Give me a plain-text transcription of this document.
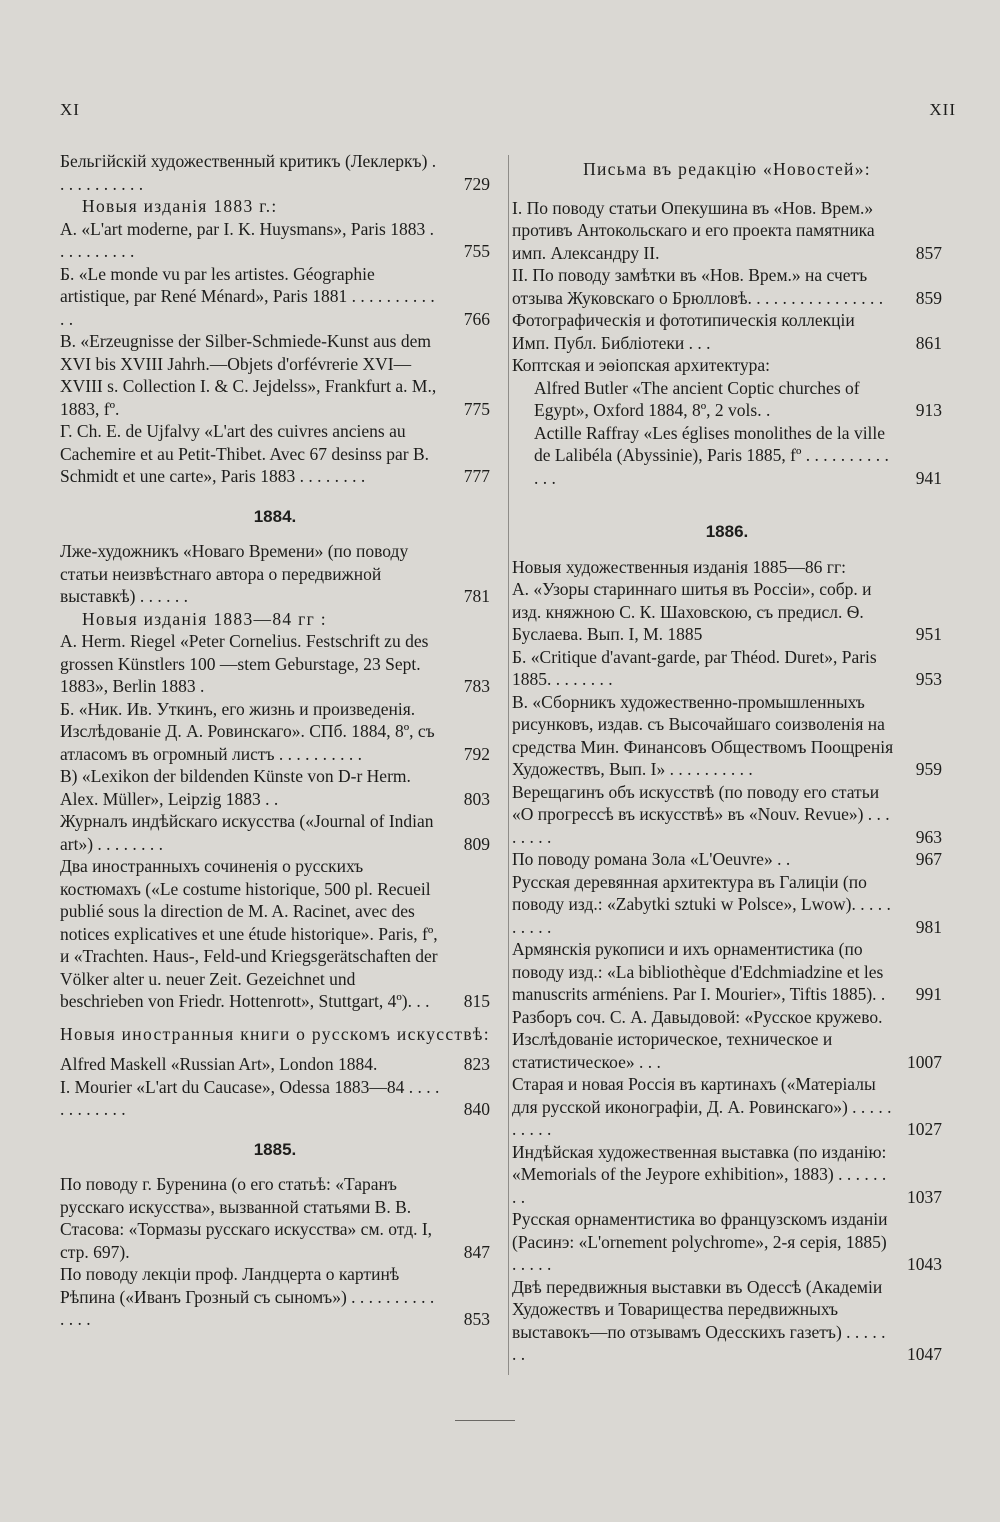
XI	XII
Бельгійскій художественный критикъ (Леклеркъ) . . . . . . . . . . .	729
Новыя изданія 1883 г.:
А. «L'art moderne, par I. K. Huysmans», Paris 1883 . . . . . . . . . .	755
Б. «Le monde vu par les artistes. Géographie artistique, par René Ménard», Paris 1881 . . . . . . . . . . . .	766
В. «Erzeugnisse der Silber-Schmiede-Kunst aus dem XVI bis XVIII Jahrh.—Objets d'orfévrerie XVI—XVIII s. Collection I. & C. Jejdelss», Frankfurt a. M., 1883, fº.	775
Г. Ch. E. de Ujfalvy «L'art des cuivres anciens au Cachemire et au Petit-Thibet. Avec 67 desinss par B. Schmidt et une carte», Paris 1883 . . . . . . . .	777
1884.
Лже-художникъ «Новаго Времени» (по поводу статьи неизвѣстнаго автора о передвижной выставкѣ) . . . . . .	781
Новыя изданія 1883—84 гг :
А. Herm. Riegel «Peter Cornelius. Festschrift zu des grossen Künstlers 100 —stem Geburstage, 23 Sept. 1883», Berlin 1883 .	783
Б. «Ник. Ив. Уткинъ, его жизнь и произведенія. Изслѣдованіе Д. А. Ровинскаго». СПб. 1884, 8º, съ атласомъ въ огромный листъ . . . . . . . . . .	792
В) «Lexikon der bildenden Künste von D-r Herm. Alex. Müller», Leipzig 1883 . .	803
Журналъ индѣйскаго искусства («Journal of Indian art») . . . . . . . .	809
Два иностранныхъ сочиненія о русскихъ костюмахъ («Le costume historique, 500 pl. Recueil publié sous la direction de M. A. Racinet, avec des notices explicatives et une étude historique». Paris, fº, и «Trachten. Haus-, Feld-und Kriegsgerätschaften der Völker alter u. neuer Zeit. Gezeichnet und beschrieben von Friedr. Hottenrott», Stuttgart, 4º). . .	815
Новыя иностранныя книги о русскомъ искусствѣ:
Alfred Maskell «Russian Art», London 1884.	823
I. Mourier «L'art du Caucase», Odessa 1883—84 . . . . . . . . . . . .	840
1885.
По поводу г. Буренина (о его статьѣ: «Таранъ русскаго искусства», вызванной статьями В. В. Стасова: «Тормазы русскаго искусства» см. отд. I, стр. 697).	847
По поводу лекціи проф. Ландцерта о картинѣ Рѣпина («Иванъ Грозный съ сыномъ») . . . . . . . . . . . . . .	853
Письма въ редакцію «Новостей»:
I. По поводу статьи Опекушина въ «Нов. Врем.» противъ Антокольскаго и его проекта памятника имп. Александру II.	857
II. По поводу замѣтки въ «Нов. Врем.» на счетъ отзыва Жуковскаго о Брюлловѣ. . . . . . . . . . . . . . . .	859
Фотографическія и фототипическія коллекціи Имп. Публ. Библіотеки . . .	861
Коптская и эѳіопская архитектура:
Alfred Butler «The ancient Coptic churches of Egypt», Oxford 1884, 8º, 2 vols. .	913
Actille Raffray «Les églises monolithes de la ville de Lalibéla (Abyssinie), Paris 1885, fº . . . . . . . . . . . . .	941
1886.
Новыя художественныя изданія 1885—86 гг:
А. «Узоры стариннаго шитья въ Россіи», собр. и изд. княжною С. К. Шаховскою, съ предисл. Ѳ. Буслаева. Вып. I, М. 1885	951
Б. «Critique d'avant-garde, par Théod. Duret», Paris 1885. . . . . . . .	953
В. «Сборникъ художественно-промышленныхъ рисунковъ, издав. съ Высочайшаго соизволенія на средства Мин. Финансовъ Обществомъ Поощренія Художествъ, Вып. I» . . . . . . . . . .	959
Верещагинъ объ искусствѣ (по поводу его статьи «О прогрессѣ въ искусствѣ» въ «Nouv. Revue») . . . . . . . .	963
По поводу романа Зола «L'Oeuvre» . .	967
Русская деревянная архитектура въ Галиціи (по поводу изд.: «Zabytki sztuki w Polsce», Lwow). . . . . . . . . .	981
Армянскія рукописи и ихъ орнаментистика (по поводу изд.: «La bibliothèque d'Edchmiadzine et les manuscrits arméniens. Par I. Mourier», Tiftis 1885). .	991
Разборъ соч. С. А. Давыдовой: «Русское кружево. Изслѣдованіе историческое, техническое и статистическое» . . .	1007
Старая и новая Россія въ картинахъ («Матеріалы для русской иконографіи, Д. А. Ровинскаго») . . . . . . . . . .	1027
Индѣйская художественная выставка (по изданію: «Memorials of the Jeypore exhibition», 1883) . . . . . . . .	1037
Русская орнаментистика во французскомъ изданіи (Расинэ: «L'ornement polychrome», 2-я серія, 1885) . . . . .	1043
Двѣ передвижныя выставки въ Одессѣ (Академіи Художествъ и Товарищества передвижныхъ выставокъ—по отзывамъ Одесскихъ газетъ) . . . . . . .	1047
